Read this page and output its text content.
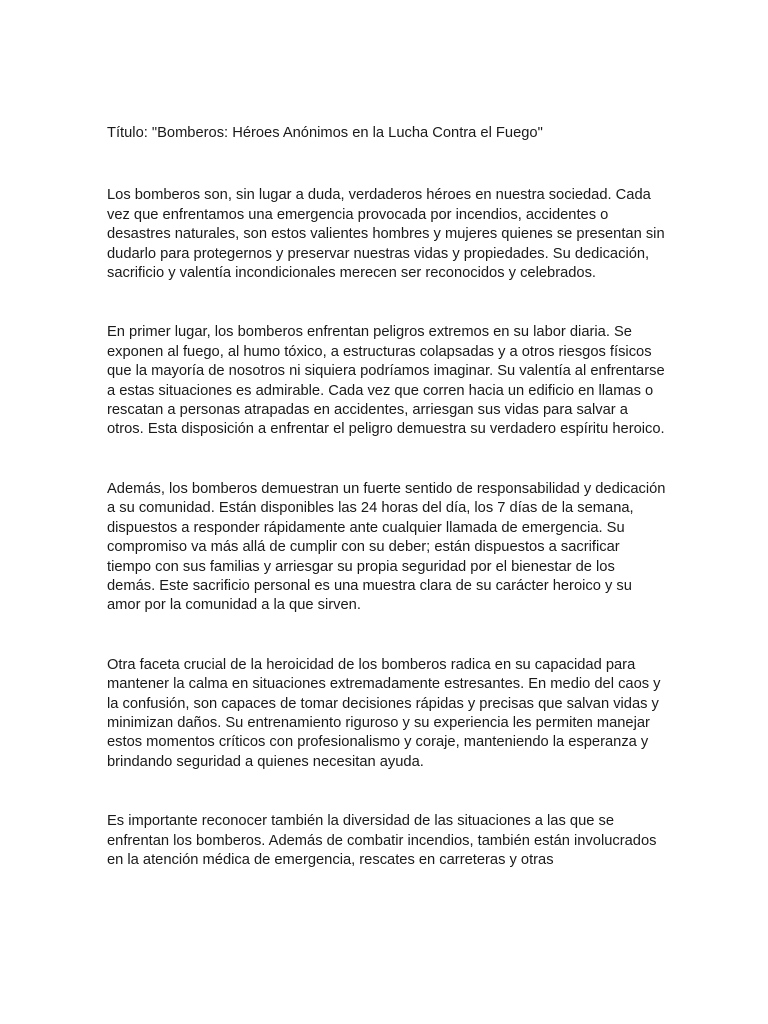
Título: "Bomberos: Héroes Anónimos en la Lucha Contra el Fuego"

Los bomberos son, sin lugar a duda, verdaderos héroes en nuestra sociedad. Cada vez que enfrentamos una emergencia provocada por incendios, accidentes o desastres naturales, son estos valientes hombres y mujeres quienes se presentan sin dudarlo para protegernos y preservar nuestras vidas y propiedades. Su dedicación, sacrificio y valentía incondicionales merecen ser reconocidos y celebrados.

En primer lugar, los bomberos enfrentan peligros extremos en su labor diaria. Se exponen al fuego, al humo tóxico, a estructuras colapsadas y a otros riesgos físicos que la mayoría de nosotros ni siquiera podríamos imaginar. Su valentía al enfrentarse a estas situaciones es admirable. Cada vez que corren hacia un edificio en llamas o rescatan a personas atrapadas en accidentes, arriesgan sus vidas para salvar a otros. Esta disposición a enfrentar el peligro demuestra su verdadero espíritu heroico.

Además, los bomberos demuestran un fuerte sentido de responsabilidad y dedicación a su comunidad. Están disponibles las 24 horas del día, los 7 días de la semana, dispuestos a responder rápidamente ante cualquier llamada de emergencia. Su compromiso va más allá de cumplir con su deber; están dispuestos a sacrificar tiempo con sus familias y arriesgar su propia seguridad por el bienestar de los demás. Este sacrificio personal es una muestra clara de su carácter heroico y su amor por la comunidad a la que sirven.

Otra faceta crucial de la heroicidad de los bomberos radica en su capacidad para mantener la calma en situaciones extremadamente estresantes. En medio del caos y la confusión, son capaces de tomar decisiones rápidas y precisas que salvan vidas y minimizan daños. Su entrenamiento riguroso y su experiencia les permiten manejar estos momentos críticos con profesionalismo y coraje, manteniendo la esperanza y brindando seguridad a quienes necesitan ayuda.

Es importante reconocer también la diversidad de las situaciones a las que se enfrentan los bomberos. Además de combatir incendios, también están involucrados en la atención médica de emergencia, rescates en carreteras y otras
